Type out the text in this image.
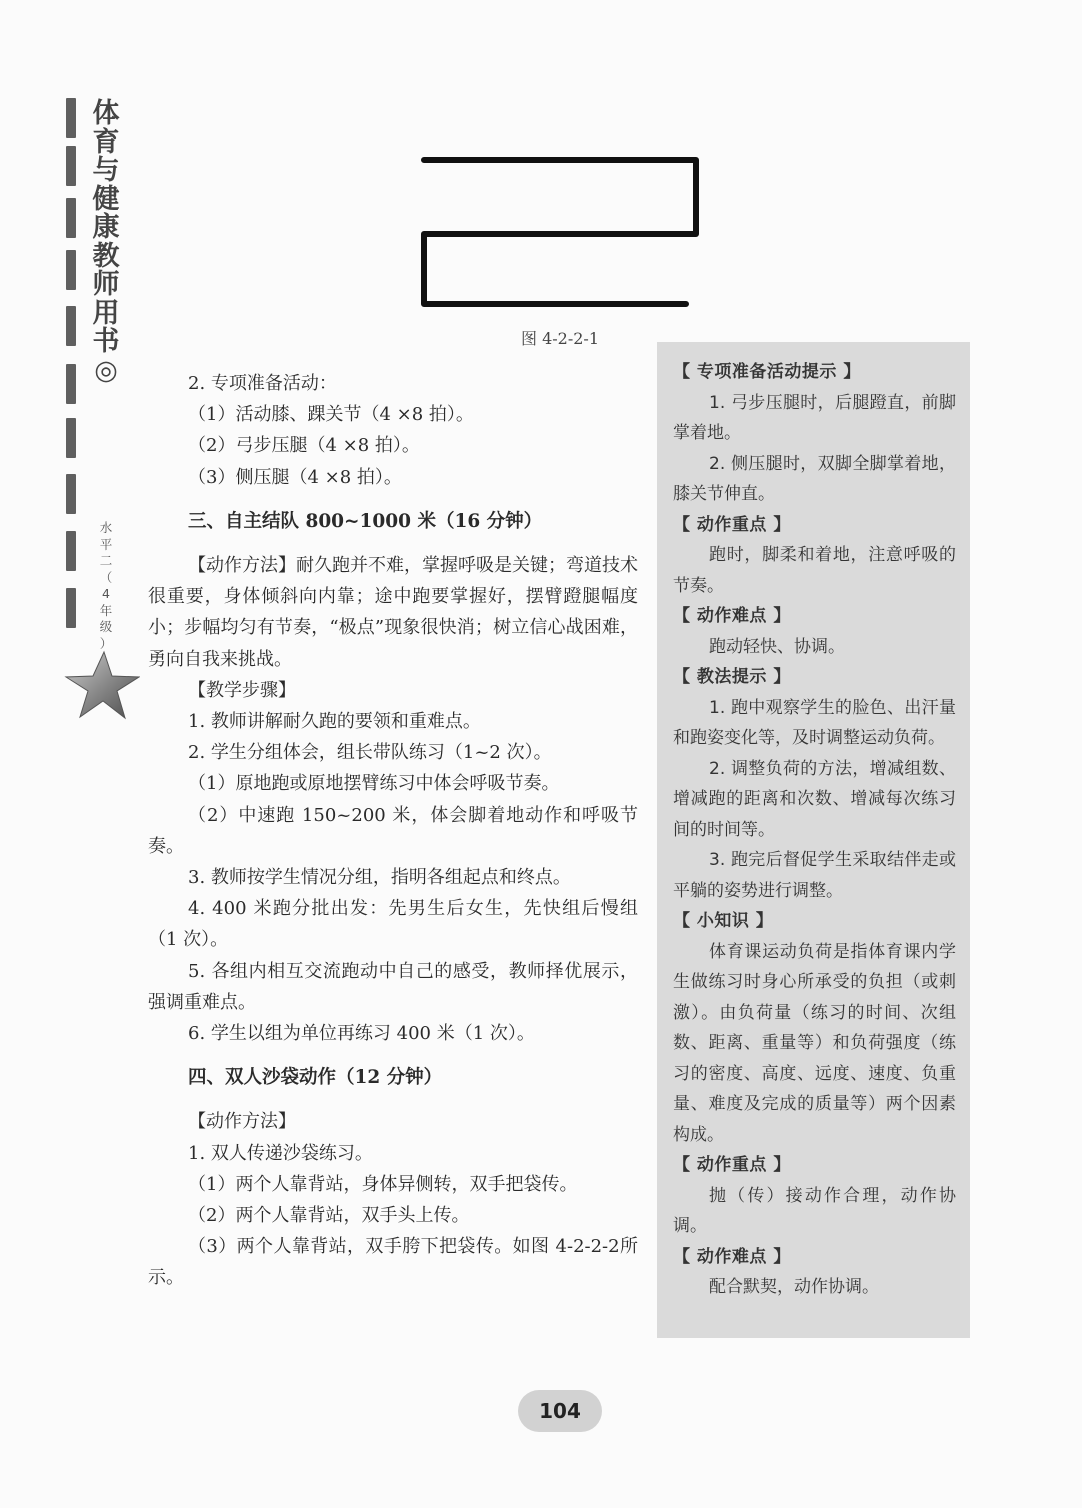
体
育
与
健
康
教
师
用
书
◎
水
平
二
（
4
年
级
）
图 4-2-2-1

2. 专项准备活动：

（1）活动膝、踝关节（4 ×8 拍）。

（2）弓步压腿（4 ×8 拍）。

（3）侧压腿（4 ×8 拍）。

三、自主结队 800~1000 米（16 分钟）

【动作方法】耐久跑并不难，掌握呼吸是关键；弯道技术很重要，身体倾斜向内靠；途中跑要掌握好，摆臂蹬腿幅度小；步幅均匀有节奏，“极点”现象很快消；树立信心战困难，勇向自我来挑战。

【教学步骤】

1. 教师讲解耐久跑的要领和重难点。

2. 学生分组体会，组长带队练习（1~2 次）。

（1）原地跑或原地摆臂练习中体会呼吸节奏。

（2）中速跑 150~200 米，体会脚着地动作和呼吸节奏。

3. 教师按学生情况分组，指明各组起点和终点。

4. 400 米跑分批出发：先男生后女生，先快组后慢组（1 次）。

5. 各组内相互交流跑动中自己的感受，教师择优展示，强调重难点。

6. 学生以组为单位再练习 400 米（1 次）。

四、双人沙袋动作（12 分钟）

【动作方法】

1. 双人传递沙袋练习。

（1）两个人靠背站，身体异侧转，双手把袋传。

（2）两个人靠背站，双手头上传。

（3）两个人靠背站，双手胯下把袋传。如图 4-2-2-2所示。

【 专项准备活动提示 】

1. 弓步压腿时，后腿蹬直，前脚掌着地。

2. 侧压腿时，双脚全脚掌着地，膝关节伸直。

【 动作重点 】

跑时，脚柔和着地，注意呼吸的节奏。

【 动作难点 】

跑动轻快、协调。

【 教法提示 】

1. 跑中观察学生的脸色、出汗量和跑姿变化等，及时调整运动负荷。

2. 调整负荷的方法，增减组数、增减跑的距离和次数、增减每次练习间的时间等。

3. 跑完后督促学生采取结伴走或平躺的姿势进行调整。

【 小知识 】

体育课运动负荷是指体育课内学生做练习时身心所承受的负担（或刺激）。由负荷量（练习的时间、次组数、距离、重量等）和负荷强度（练习的密度、高度、远度、速度、负重量、难度及完成的质量等）两个因素构成。

【 动作重点 】

抛（传）接动作合理，动作协调。

【 动作难点 】

配合默契，动作协调。

104
